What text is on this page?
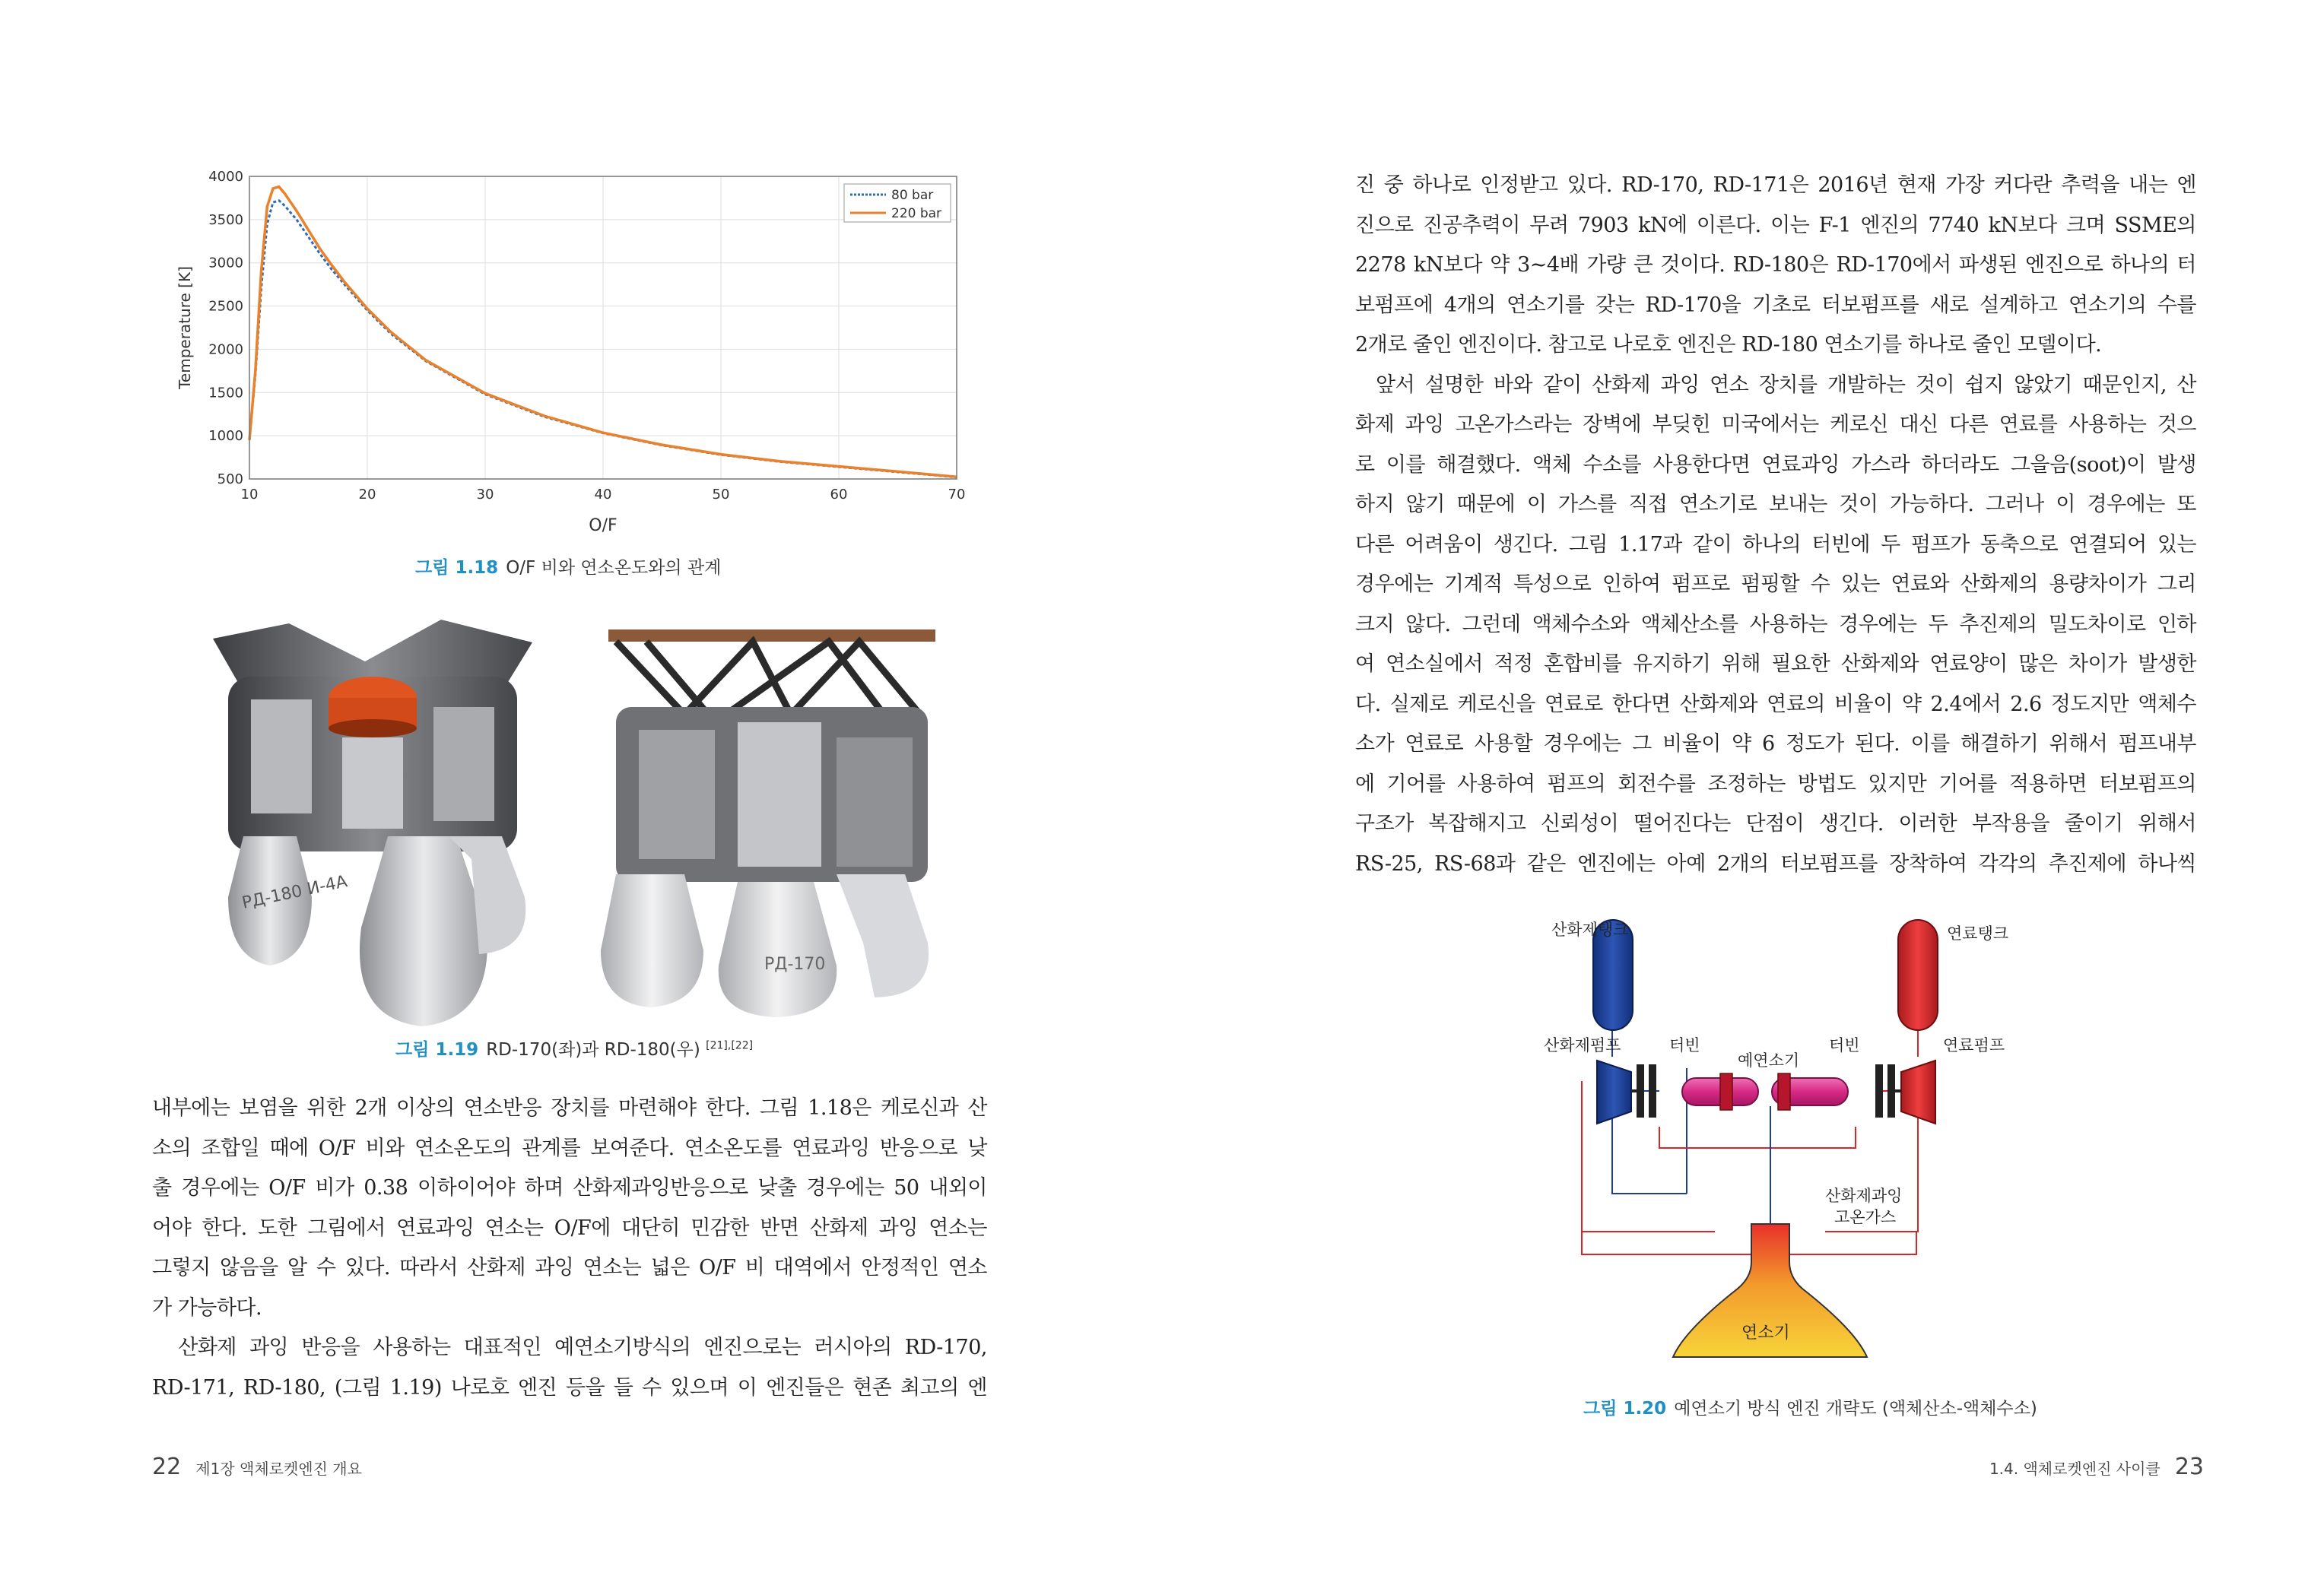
10	20	30	40	50	60	70
500
1000
1500
2000
2500
3000
3500
4000
80 bar
220 bar
O/F
Temperature [K]
그림 1.18 O/F 비와 연소온도와의 관계
РД-180 И-4А
РД-170
그림 1.19 RD-170(좌)과 RD-180(우) [21],[22]

내부에는 보염을 위한 2개 이상의 연소반응 장치를 마련해야 한다. 그림 1.18은 케로신과 산
소의 조합일 때에 O/F 비와 연소온도의 관계를 보여준다. 연소온도를 연료과잉 반응으로 낮
출 경우에는 O/F 비가 0.38 이하이어야 하며 산화제과잉반응으로 낮출 경우에는 50 내외이
어야 한다. 도한 그림에서 연료과잉 연소는 O/F에 대단히 민감한 반면 산화제 과잉 연소는
그렇지 않음을 알 수 있다. 따라서 산화제 과잉 연소는 넓은 O/F 비 대역에서 안정적인 연소
가 가능하다.

산화제 과잉 반응을 사용하는 대표적인 예연소기방식의 엔진으로는 러시아의 RD-170,
RD-171, RD-180, (그림 1.19) 나로호 엔진 등을 들 수 있으며 이 엔진들은 현존 최고의 엔

22 제1장 액체로켓엔진 개요

진 중 하나로 인정받고 있다. RD-170, RD-171은 2016년 현재 가장 커다란 추력을 내는 엔
진으로 진공추력이 무려 7903 kN에 이른다. 이는 F-1 엔진의 7740 kN보다 크며 SSME의
2278 kN보다 약 3~4배 가량 큰 것이다. RD-180은 RD-170에서 파생된 엔진으로 하나의 터
보펌프에 4개의 연소기를 갖는 RD-170을 기초로 터보펌프를 새로 설계하고 연소기의 수를
2개로 줄인 엔진이다. 참고로 나로호 엔진은 RD-180 연소기를 하나로 줄인 모델이다.

앞서 설명한 바와 같이 산화제 과잉 연소 장치를 개발하는 것이 쉽지 않았기 때문인지, 산
화제 과잉 고온가스라는 장벽에 부딪힌 미국에서는 케로신 대신 다른 연료를 사용하는 것으
로 이를 해결했다. 액체 수소를 사용한다면 연료과잉 가스라 하더라도 그을음(soot)이 발생
하지 않기 때문에 이 가스를 직접 연소기로 보내는 것이 가능하다. 그러나 이 경우에는 또
다른 어려움이 생긴다. 그림 1.17과 같이 하나의 터빈에 두 펌프가 동축으로 연결되어 있는
경우에는 기계적 특성으로 인하여 펌프로 펌핑할 수 있는 연료와 산화제의 용량차이가 그리
크지 않다. 그런데 액체수소와 액체산소를 사용하는 경우에는 두 추진제의 밀도차이로 인하
여 연소실에서 적정 혼합비를 유지하기 위해 필요한 산화제와 연료양이 많은 차이가 발생한
다. 실제로 케로신을 연료로 한다면 산화제와 연료의 비율이 약 2.4에서 2.6 정도지만 액체수
소가 연료로 사용할 경우에는 그 비율이 약 6 정도가 된다. 이를 해결하기 위해서 펌프내부
에 기어를 사용하여 펌프의 회전수를 조정하는 방법도 있지만 기어를 적용하면 터보펌프의
구조가 복잡해지고 신뢰성이 떨어진다는 단점이 생긴다. 이러한 부작용을 줄이기 위해서
RS-25, RS-68과 같은 엔진에는 아예 2개의 터보펌프를 장착하여 각각의 추진제에 하나씩

산화제탱크	연료탱크
산화제펌프	연료펌프
터빈	터빈
예연소기
산화제과잉
고온가스
연소기
그림 1.20 예연소기 방식 엔진 개략도 (액체산소-액체수소)
1.4. 액체로켓엔진 사이클 23
